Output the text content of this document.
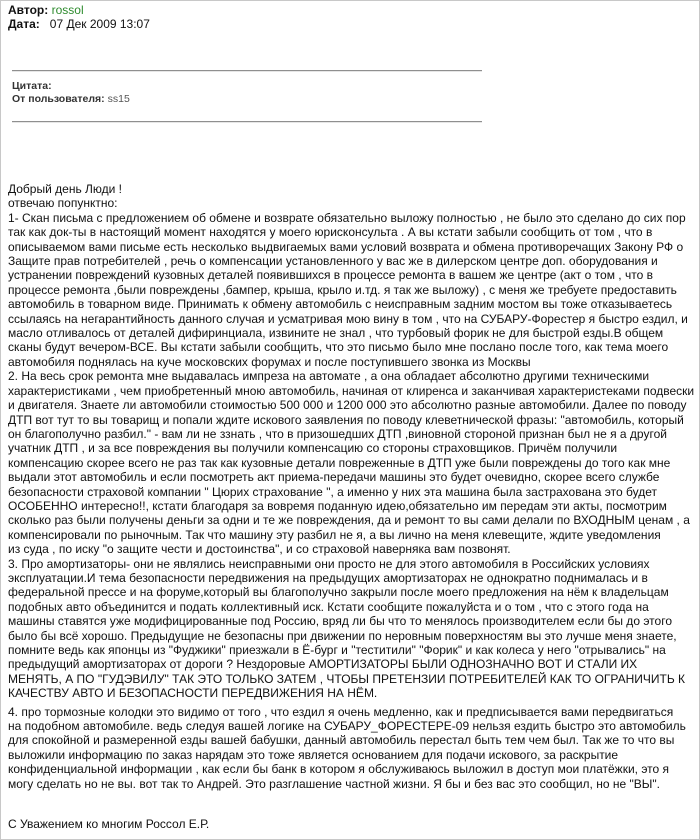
Автор: rossol
Дата: 07 Дек 2009 13:07
Цитата:
От пользователя: ss15

Добрый день Люди !

отвечаю попунктно:

1- Скан письма с предложением об обмене и возврате обязательно выложу полностью , не было это сделано до сих пор
так как док-ты в настоящий момент находятся у моего юрисконсульта . А вы кстати забыли сообщить от том , что в
описываемом вами письме есть несколько выдвигаемых вами условий возврата и обмена противоречащих Закону РФ о
Защите прав потребителей , речь о компенсации установленного у вас же в дилерском центре доп. оборудования и
устранении повреждений кузовных деталей появившихся в процессе ремонта в вашем же центре (акт о том , что в
процессе ремонта ,были повреждены ,бампер, крыша, крыло и.тд. я так же выложу) , с меня же требуете предоставить
автомобиль в товарном виде. Принимать к обмену автомобиль с неисправным задним мостом вы тоже отказываетесь
ссылаясь на негарантийность данного случая и усматривая мою вину в том , что на СУБАРУ-Форестер я быстро ездил, и
масло отливалось от деталей дифиринциала, извините не знал , что турбовый форик не для быстрой езды.В общем
сканы будут вечером-ВСЕ. Вы кстати забыли сообщить, что это письмо было мне послано после того, как тема моего
автомобиля поднялась на куче московских форумах и после поступившего звонка из Москвы
2. На весь срок ремонта мне выдавалась импреза на автомате , а она обладает абсолютно другими техническими
характеристиками , чем приобретенный мною автомобиль, начиная от клиренса и заканчивая характеристеками подвески
и двигателя. Знаете ли автомобили стоимостью 500 000 и 1200 000 это абсолютно разные автомобили. Далее по поводу
ДТП вот тут то вы товарищ и попали ждите искового заявления по поводу клеветнической фразы: "автомобиль, который
он благополучно разбил." - вам ли не ззнать , что в призошедших ДТП ,виновной стороной признан был не я а другой
учатник ДТП , и за все повреждения вы получили компенсацию со стороны страховщиков. Причём получили
компенсацию скорее всего не раз так как кузовные детали повреженные в ДТП уже были повреждены до того как мне
выдали этот автомобиль и если посмотреть акт приема-передачи машины это будет очевидно, скорее всего службе
безопасности страховой компании " Цюрих страхование ", а именно у них эта машина была застрахована это будет
ОСОБЕННО интересно!!, кстати благодаря за вовремя поданную идею,обязательно им передам эти акты, посмотрим
сколько раз были получены деньги за одни и те же повреждения, да и ремонт то вы сами делали по ВХОДНЫМ ценам , а
компенсировали по рыночным. Так что машину эту разбил не я, а вы лично на меня клевещите, ждите уведомления
из суда , по иску "о защите чести и достоинства", и со страховой наверняка вам позвонят.
3. Про амортизаторы- они не являлись неисправными они просто не для этого автомобиля в Российских условиях
эксплуатации.И тема безопасности передвижения на предыдущих амортизаторах не однократно поднималась и в
федеральной прессе и на форуме,который вы благополучно закрыли после моего предложения на нём к владельцам
подобных авто объединится и подать коллективный иск. Кстати сообщите пожалуйста и о том , что с этого года на
машины ставятся уже модифицированные под Россию, вряд ли бы что то менялось производителем если бы до этого
было бы всё хорошо. Предыдущие не безопасны при движении по неровным поверхностям вы это лучше меня знаете,
помните ведь как японцы из "Фуджики" приезжали в Ё-бург и "теститили" "Форик" и как колеса у него "отрывались" на
предыдущий амортизаторах от дороги ? Нездоровые АМОРТИЗАТОРЫ БЫЛИ ОДНОЗНАЧНО ВОТ И СТАЛИ ИХ
МЕНЯТЬ, А ПО "ГУДЭВИЛУ" ТАК ЭТО ТОЛЬКО ЗАТЕМ , ЧТОБЫ ПРЕТЕНЗИИ ПОТРЕБИТЕЛЕЙ КАК ТО ОГРАНИЧИТЬ К
КАЧЕСТВУ АВТО И БЕЗОПАСНОСТИ ПЕРЕДВИЖЕНИЯ НА НЁМ.
4. про тормозные колодки это видимо от того , что ездил я очень медленно, как и предписывается вами передвигаться
на подобном автомобиле. ведь следуя вашей логике на СУБАРУ_ФОРЕСТЕРЕ-09 нельзя ездить быстро это автомобиль
для спокойной и размеренной езды вашей бабушки, данный автомобиль перестал быть тем чем был. Так же то что вы
выложили информацию по заказ нарядам это тоже является основанием для подачи искового, за раскрытие
конфиденциальной информации , как если бы банк в котором я обслуживаюсь выложил в доступ мои платёжки, это я
могу сделать но не вы. вот так то Андрей. Это разглашение частной жизни. Я бы и без вас это сообщил, но не "ВЫ".
С Уважением ко многим Россол Е.Р.
